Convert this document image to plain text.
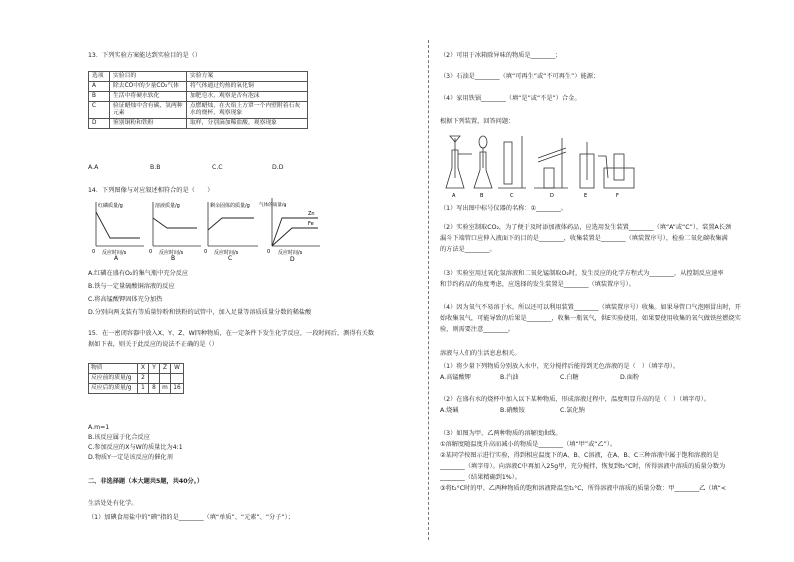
13．下列实验方案能达到实验目的是（）
选项	实验目的	实验方案
A	除去CO中的少量CO₂气体	将气体通过灼热的氧化铜
B	生活中将硬水软化	加肥皂水，观察是否有泡沫
C	验证蜡烛中含有碳、氢两种元素	点燃蜡烛，在火焰上方罩一个内壁附着石灰水的烧杯，观察现象
D	鉴别铜粉和铁粉	取样，分别滴加稀盐酸，观察现象
A.A	B.B	C.C	D.D
14．下列图像与对应叙述相符合的是（　　）
红磷质量/g
0 反应时间/s
A
溶液质量/g
0 反应时间/s
B
剩余固体的质量/g
0 反应时间/s
C
气体的质量/g
Zn
Fe
0 反应时间/s
D
A.红磷在盛有O₂的集气瓶中充分反应
B.铁与一定量硫酸铜溶液的反应
C.将高锰酸钾固体充分加热
D.分别向两支装有等质量锌粉和铁粉的试管中，加入足量等溶质质量分数的稀盐酸
15．在一密闭容器中放入X、Y、Z、W四种物质，在一定条件下发生化学反应，一段时间后，测得有关数
据如下表，则关于此反应的说法不正确的是（）
物质	X	Y	Z	W
反应前的质量/g	2			
反应后的质量/g	1	8	m	16
A.m=1
B.该反应属于化合反应
C.参加反应的X与W的质量比为4:1
D.物质Y一定是该反应的催化剂
二、非选择题（本大题共5题，共40分。）
生活处处有化学。
（1）加碘食用盐中的“碘”指的是________（填“单质”、“元素”、“分子”）；
（2）可用于冰箱除异味的物质是________；
（3）石油是________（填“可再生”或“不可再生”）能源；
（4）家用铁锅________（填“是”或“不是”）合金。
根据下列装置，回答问题：
A	B	C	D	E	F
（1）写出图中标号仪器的名称：①________。
（2）实验室制取CO₂，为了便于及时添加液体药品，应选用发生装置________（填“A”或“C”），装置A长颈
漏斗下端管口应伸入液面下的目的是________，收集装置是________（填装置序号），检验二氧化碳收集满
的方法是________。
（3）实验室用过氧化氢溶液和二氧化锰制取O₂时，发生反应的化学方程式为________，从控制反应速率
和节约药品的角度考虑，应选择的发生装置是________（填装置序号）。
（4）因为氧气不易溶于水，所以还可以利用装置________（填装置序号）收集。如果导管口气泡刚冒出时，开
始收集氧气，可能导致的后果是________，收集一瓶氧气，供E实验使用，如果要使用收集的氧气做铁丝燃烧实
验，则需要注意________。
溶液与人们的生活息息相关。
（1）将少量下列物质分别放入水中，充分搅拌后能得到无色溶液的是（　）（填字母）。
A.高锰酸钾	B.汽油	C.白糖	D.面粉
（2）在盛有水的烧杯中加入以下某种物质，形成溶液过程中，温度明显升高的是（　）（填字母）。
A.烧碱	B.硝酸铵	C.氯化钠
（3）如图为甲、乙两种物质的溶解度曲线。
①溶解度随温度升高而减小的物质是________（填“甲”或“乙”）。
②某同学按图示进行实验，得到相应温度下的A、B、C溶液，在A、B、C三种溶液中属于饱和溶液的是
________（填字母）。向溶液C中再加入25g甲，充分搅拌，恢复到t₂°C时，所得溶液中溶质的质量分数为
________（结果精确到1%）。
③将t₂°C时的甲、乙两种物质的饱和溶液降温至t₁°C，所得溶液中溶质的质量分数：甲________乙（填“<
